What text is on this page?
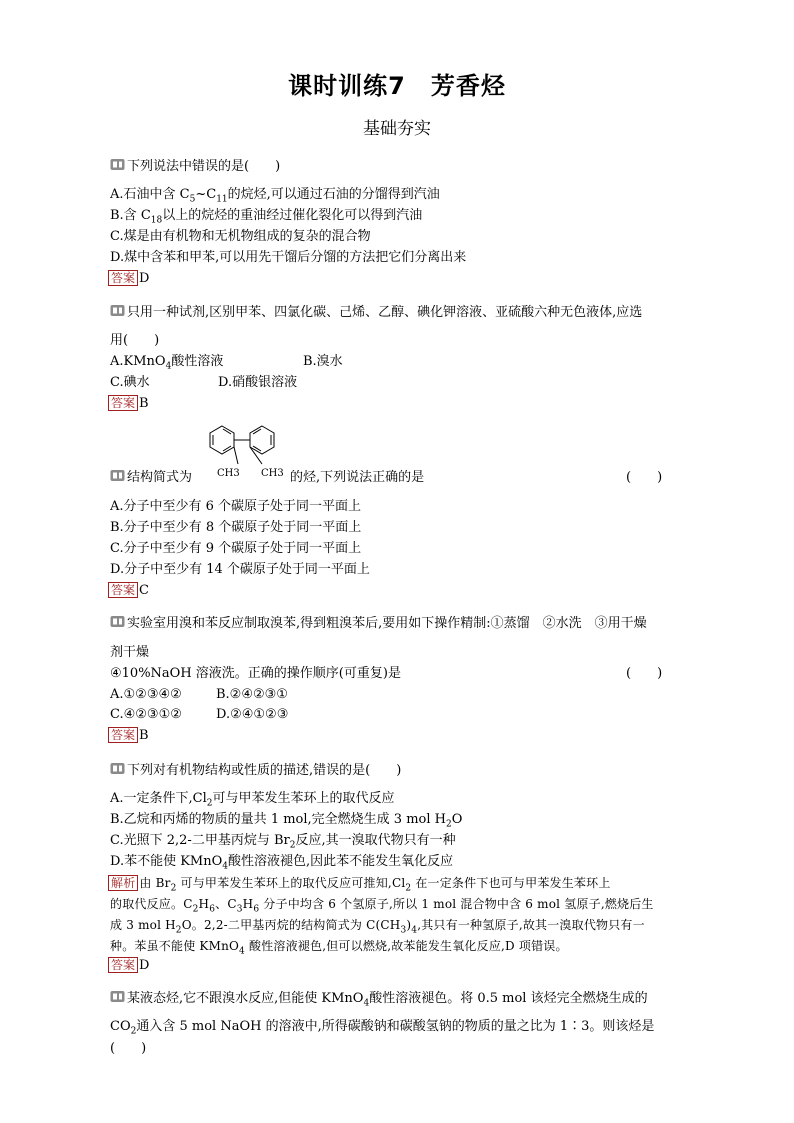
课时训练7　芳香烃
基础夯实
下列说法中错误的是(　　)
A.石油中含 $C_5\sim C_{11}$的烷烃,可以通过石油的分馏得到汽油
B.含 $C_{18}$以上的烷烃的重油经过催化裂化可以得到汽油
C.煤是由有机物和无机物组成的复杂的混合物
D.煤中含苯和甲苯,可以用先干馏后分馏的方法把它们分离出来
答案 D
只用一种试剂,区别甲苯、四氯化碳、己烯、乙醇、碘化钾溶液、亚硫酸六种无色液体,应选
用(　　)
A.KMnO$_4$酸性溶液	B.溴水
C.碘水	D.硝酸银溶液
答案 B
CH3 CH3
结构简式为	的烃,下列说法正确的是	(　　)
A.分子中至少有 6 个碳原子处于同一平面上
B.分子中至少有 8 个碳原子处于同一平面上
C.分子中至少有 9 个碳原子处于同一平面上
D.分子中至少有 14 个碳原子处于同一平面上
答案 C
实验室用溴和苯反应制取溴苯,得到粗溴苯后,要用如下操作精制:①蒸馏　②水洗　③用干燥
剂干燥
④10%NaOH 溶液洗。正确的操作顺序(可重复)是	(　　)
A.①②③④②	B.②④②③①
C.④②③①②	D.②④①②③
答案 B
下列对有机物结构或性质的描述,错误的是(　　)
A.一定条件下$,Cl_2$可与甲苯发生苯环上的取代反应
B.乙烷和丙烯的物质的量共 1 mol,完全燃烧生成 3 mol $H_2O$
C.光照下 2,2-二甲基丙烷与 $Br_2$反应,其一溴取代物只有一种
D.苯不能使 KMnO$_4$酸性溶液褪色,因此苯不能发生氧化反应
解析 由 $Br_2$ 可与甲苯发生苯环上的取代反应可推知$,Cl_2$ 在一定条件下也可与甲苯发生苯环上
的取代反应。$C_2H_6$、$C_3H_6$ 分子中均含 6 个氢原子,所以 1 mol 混合物中含 6 mol 氢原子,燃烧后生
成 3 mol $H_2O$。2,2-二甲基丙烷的结构简式为 $C(CH_3)_4$,其只有一种氢原子,故其一溴取代物只有一
种。苯虽不能使 KMnO$_4$ 酸性溶液褪色,但可以燃烧,故苯能发生氧化反应,D 项错误。
答案 D
某液态烃,它不跟溴水反应,但能使 KMnO$_4$酸性溶液褪色。将 0.5 mol 该烃完全燃烧生成的
$CO_2$通入含 5 mol NaOH 的溶液中,所得碳酸钠和碳酸氢钠的物质的量之比为 1∶3。则该烃是
(　　)
